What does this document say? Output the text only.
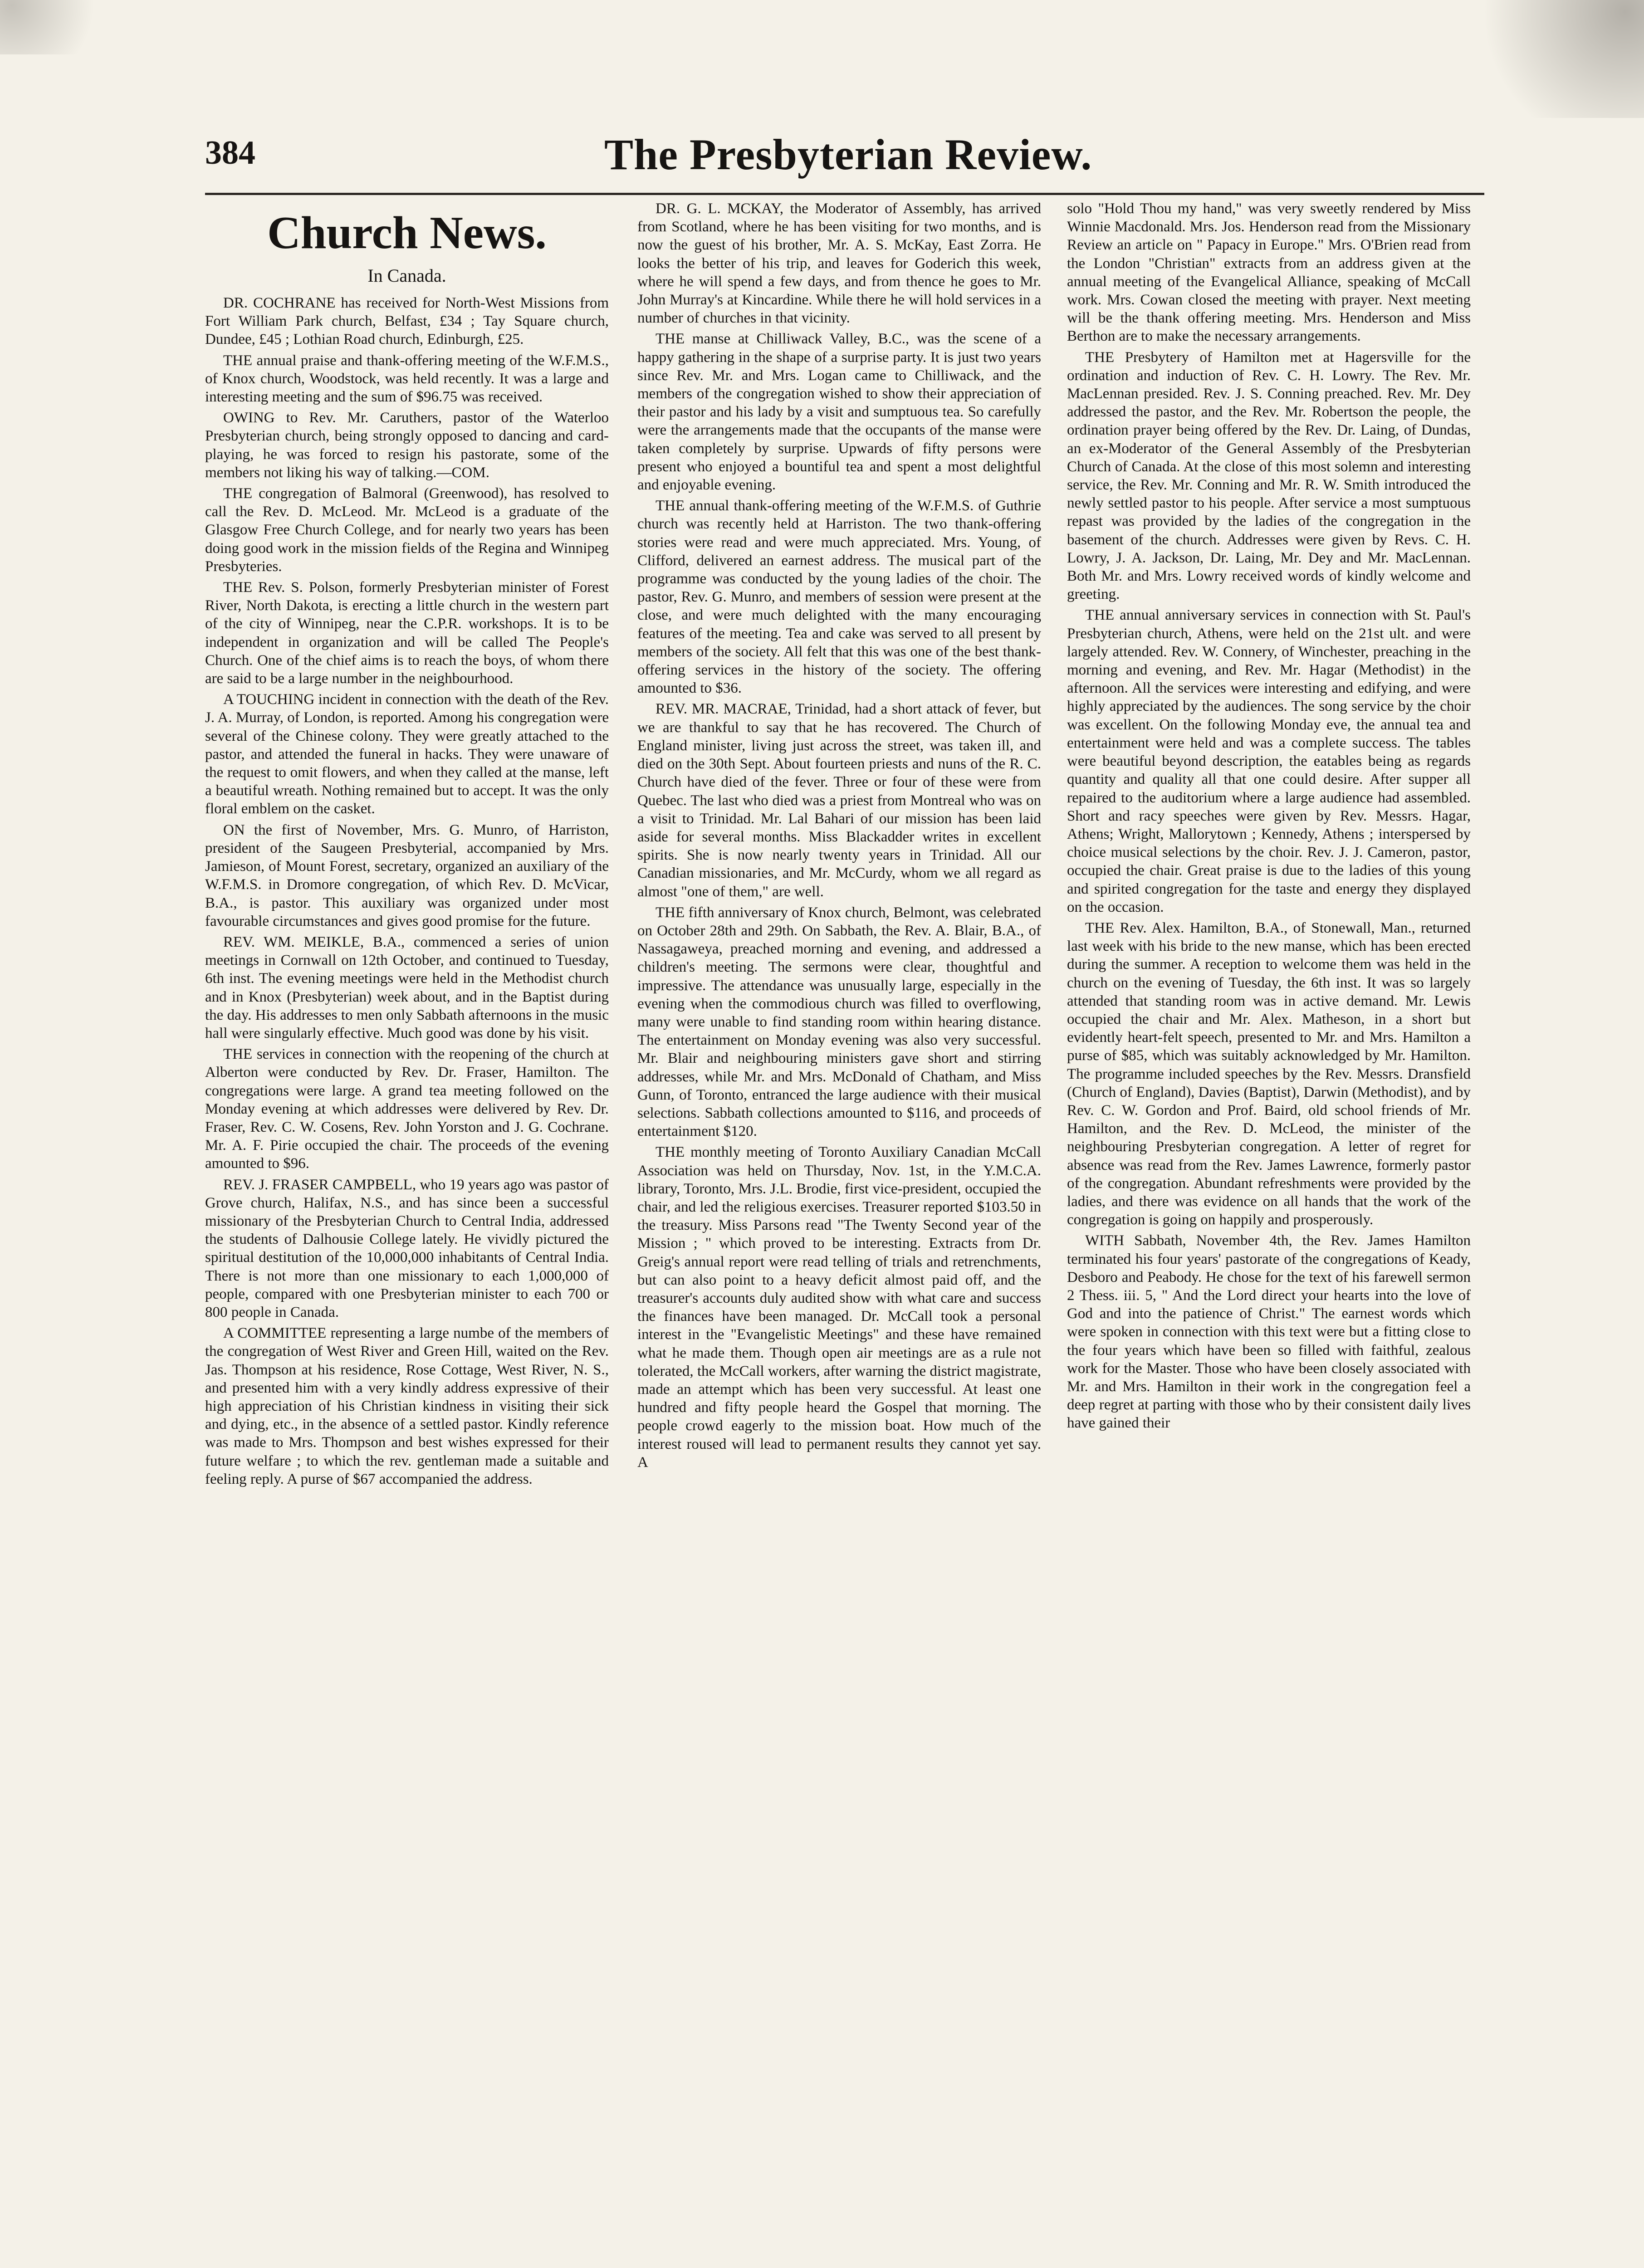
384	The Presbyterian Review.
Church News.
In Canada.

DR. COCHRANE has received for North-West Missions from Fort William Park church, Belfast, £34 ; Tay Square church, Dundee, £45 ; Lothian Road church, Edinburgh, £25.

THE annual praise and thank-offering meeting of the W.F.M.S., of Knox church, Woodstock, was held recently. It was a large and interesting meeting and the sum of $96.75 was received.

OWING to Rev. Mr. Caruthers, pastor of the Waterloo Presbyterian church, being strongly opposed to dancing and card-playing, he was forced to resign his pastorate, some of the members not liking his way of talking.—COM.

THE congregation of Balmoral (Greenwood), has resolved to call the Rev. D. McLeod. Mr. McLeod is a graduate of the Glasgow Free Church College, and for nearly two years has been doing good work in the mission fields of the Regina and Winnipeg Presbyteries.

THE Rev. S. Polson, formerly Presbyterian minister of Forest River, North Dakota, is erecting a little church in the western part of the city of Winnipeg, near the C.P.R. workshops. It is to be independent in organization and will be called The People's Church. One of the chief aims is to reach the boys, of whom there are said to be a large number in the neighbourhood.

A TOUCHING incident in connection with the death of the Rev. J. A. Murray, of London, is reported. Among his congregation were several of the Chinese colony. They were greatly attached to the pastor, and attended the funeral in hacks. They were unaware of the request to omit flowers, and when they called at the manse, left a beautiful wreath. Nothing remained but to accept. It was the only floral emblem on the casket.

ON the first of November, Mrs. G. Munro, of Harriston, president of the Saugeen Presbyterial, accompanied by Mrs. Jamieson, of Mount Forest, secretary, organized an auxiliary of the W.F.M.S. in Dromore congregation, of which Rev. D. McVicar, B.A., is pastor. This auxiliary was organized under most favourable circumstances and gives good promise for the future.

REV. WM. MEIKLE, B.A., commenced a series of union meetings in Cornwall on 12th October, and continued to Tuesday, 6th inst. The evening meetings were held in the Methodist church and in Knox (Presbyterian) week about, and in the Baptist during the day. His addresses to men only Sabbath afternoons in the music hall were singularly effective. Much good was done by his visit.

THE services in connection with the reopening of the church at Alberton were conducted by Rev. Dr. Fraser, Hamilton. The congregations were large. A grand tea meeting followed on the Monday evening at which addresses were delivered by Rev. Dr. Fraser, Rev. C. W. Cosens, Rev. John Yorston and J. G. Cochrane. Mr. A. F. Pirie occupied the chair. The proceeds of the evening amounted to $96.

REV. J. FRASER CAMPBELL, who 19 years ago was pastor of Grove church, Halifax, N.S., and has since been a successful missionary of the Presbyterian Church to Central India, addressed the students of Dalhousie College lately. He vividly pictured the spiritual destitution of the 10,000,000 inhabitants of Central India. There is not more than one missionary to each 1,000,000 of people, compared with one Presbyterian minister to each 700 or 800 people in Canada.

A COMMITTEE representing a large numbe of the members of the congregation of West River and Green Hill, waited on the Rev. Jas. Thompson at his residence, Rose Cottage, West River, N. S., and presented him with a very kindly address expressive of their high appreciation of his Christian kindness in visiting their sick and dying, etc., in the absence of a settled pastor. Kindly reference was made to Mrs. Thompson and best wishes expressed for their future welfare ; to which the rev. gentleman made a suitable and feeling reply. A purse of $67 accompanied the address.

DR. G. L. MCKAY, the Moderator of Assembly, has arrived from Scotland, where he has been visiting for two months, and is now the guest of his brother, Mr. A. S. McKay, East Zorra. He looks the better of his trip, and leaves for Goderich this week, where he will spend a few days, and from thence he goes to Mr. John Murray's at Kincardine. While there he will hold services in a number of churches in that vicinity.

THE manse at Chilliwack Valley, B.C., was the scene of a happy gathering in the shape of a surprise party. It is just two years since Rev. Mr. and Mrs. Logan came to Chilliwack, and the members of the congregation wished to show their appreciation of their pastor and his lady by a visit and sumptuous tea. So carefully were the arrangements made that the occupants of the manse were taken completely by surprise. Upwards of fifty persons were present who enjoyed a bountiful tea and spent a most delightful and enjoyable evening.

THE annual thank-offering meeting of the W.F.M.S. of Guthrie church was recently held at Harriston. The two thank-offering stories were read and were much appreciated. Mrs. Young, of Clifford, delivered an earnest address. The musical part of the programme was conducted by the young ladies of the choir. The pastor, Rev. G. Munro, and members of session were present at the close, and were much delighted with the many encouraging features of the meeting. Tea and cake was served to all present by members of the society. All felt that this was one of the best thank-offering services in the history of the society. The offering amounted to $36.

REV. MR. MACRAE, Trinidad, had a short attack of fever, but we are thankful to say that he has recovered. The Church of England minister, living just across the street, was taken ill, and died on the 30th Sept. About fourteen priests and nuns of the R. C. Church have died of the fever. Three or four of these were from Quebec. The last who died was a priest from Montreal who was on a visit to Trinidad. Mr. Lal Bahari of our mission has been laid aside for several months. Miss Blackadder writes in excellent spirits. She is now nearly twenty years in Trinidad. All our Canadian missionaries, and Mr. McCurdy, whom we all regard as almost "one of them," are well.

THE fifth anniversary of Knox church, Belmont, was celebrated on October 28th and 29th. On Sabbath, the Rev. A. Blair, B.A., of Nassagaweya, preached morning and evening, and addressed a children's meeting. The sermons were clear, thoughtful and impressive. The attendance was unusually large, especially in the evening when the commodious church was filled to overflowing, many were unable to find standing room within hearing distance. The entertainment on Monday evening was also very successful. Mr. Blair and neighbouring ministers gave short and stirring addresses, while Mr. and Mrs. McDonald of Chatham, and Miss Gunn, of Toronto, entranced the large audience with their musical selections. Sabbath collections amounted to $116, and proceeds of entertainment $120.

THE monthly meeting of Toronto Auxiliary Canadian McCall Association was held on Thursday, Nov. 1st, in the Y.M.C.A. library, Toronto, Mrs. J.L. Brodie, first vice-president, occupied the chair, and led the religious exercises. Treasurer reported $103.50 in the treasury. Miss Parsons read "The Twenty Second year of the Mission ; " which proved to be interesting. Extracts from Dr. Greig's annual report were read telling of trials and retrenchments, but can also point to a heavy deficit almost paid off, and the treasurer's accounts duly audited show with what care and success the finances have been managed. Dr. McCall took a personal interest in the "Evangelistic Meetings" and these have remained what he made them. Though open air meetings are as a rule not tolerated, the McCall workers, after warning the district magistrate, made an attempt which has been very successful. At least one hundred and fifty people heard the Gospel that morning. The people crowd eagerly to the mission boat. How much of the interest roused will lead to permanent results they cannot yet say. A

solo "Hold Thou my hand," was very sweetly rendered by Miss Winnie Macdonald. Mrs. Jos. Henderson read from the Missionary Review an article on " Papacy in Europe." Mrs. O'Brien read from the London "Christian" extracts from an address given at the annual meeting of the Evangelical Alliance, speaking of McCall work. Mrs. Cowan closed the meeting with prayer. Next meeting will be the thank offering meeting. Mrs. Henderson and Miss Berthon are to make the necessary arrangements.

THE Presbytery of Hamilton met at Hagersville for the ordination and induction of Rev. C. H. Lowry. The Rev. Mr. MacLennan presided. Rev. J. S. Conning preached. Rev. Mr. Dey addressed the pastor, and the Rev. Mr. Robertson the people, the ordination prayer being offered by the Rev. Dr. Laing, of Dundas, an ex-Moderator of the General Assembly of the Presbyterian Church of Canada. At the close of this most solemn and interesting service, the Rev. Mr. Conning and Mr. R. W. Smith introduced the newly settled pastor to his people. After service a most sumptuous repast was provided by the ladies of the congregation in the basement of the church. Addresses were given by Revs. C. H. Lowry, J. A. Jackson, Dr. Laing, Mr. Dey and Mr. MacLennan. Both Mr. and Mrs. Lowry received words of kindly welcome and greeting.

THE annual anniversary services in connection with St. Paul's Presbyterian church, Athens, were held on the 21st ult. and were largely attended. Rev. W. Connery, of Winchester, preaching in the morning and evening, and Rev. Mr. Hagar (Methodist) in the afternoon. All the services were interesting and edifying, and were highly appreciated by the audiences. The song service by the choir was excellent. On the following Monday eve, the annual tea and entertainment were held and was a complete success. The tables were beautiful beyond description, the eatables being as regards quantity and quality all that one could desire. After supper all repaired to the auditorium where a large audience had assembled. Short and racy speeches were given by Rev. Messrs. Hagar, Athens; Wright, Mallorytown ; Kennedy, Athens ; interspersed by choice musical selections by the choir. Rev. J. J. Cameron, pastor, occupied the chair. Great praise is due to the ladies of this young and spirited congregation for the taste and energy they displayed on the occasion.

THE Rev. Alex. Hamilton, B.A., of Stonewall, Man., returned last week with his bride to the new manse, which has been erected during the summer. A reception to welcome them was held in the church on the evening of Tuesday, the 6th inst. It was so largely attended that standing room was in active demand. Mr. Lewis occupied the chair and Mr. Alex. Matheson, in a short but evidently heart-felt speech, presented to Mr. and Mrs. Hamilton a purse of $85, which was suitably acknowledged by Mr. Hamilton. The programme included speeches by the Rev. Messrs. Dransfield (Church of England), Davies (Baptist), Darwin (Methodist), and by Rev. C. W. Gordon and Prof. Baird, old school friends of Mr. Hamilton, and the Rev. D. McLeod, the minister of the neighbouring Presbyterian congregation. A letter of regret for absence was read from the Rev. James Lawrence, formerly pastor of the congregation. Abundant refreshments were provided by the ladies, and there was evidence on all hands that the work of the congregation is going on happily and prosperously.

WITH Sabbath, November 4th, the Rev. James Hamilton terminated his four years' pastorate of the congregations of Keady, Desboro and Peabody. He chose for the text of his farewell sermon 2 Thess. iii. 5, " And the Lord direct your hearts into the love of God and into the patience of Christ." The earnest words which were spoken in connection with this text were but a fitting close to the four years which have been so filled with faithful, zealous work for the Master. Those who have been closely associated with Mr. and Mrs. Hamilton in their work in the congregation feel a deep regret at parting with those who by their consistent daily lives have gained their
